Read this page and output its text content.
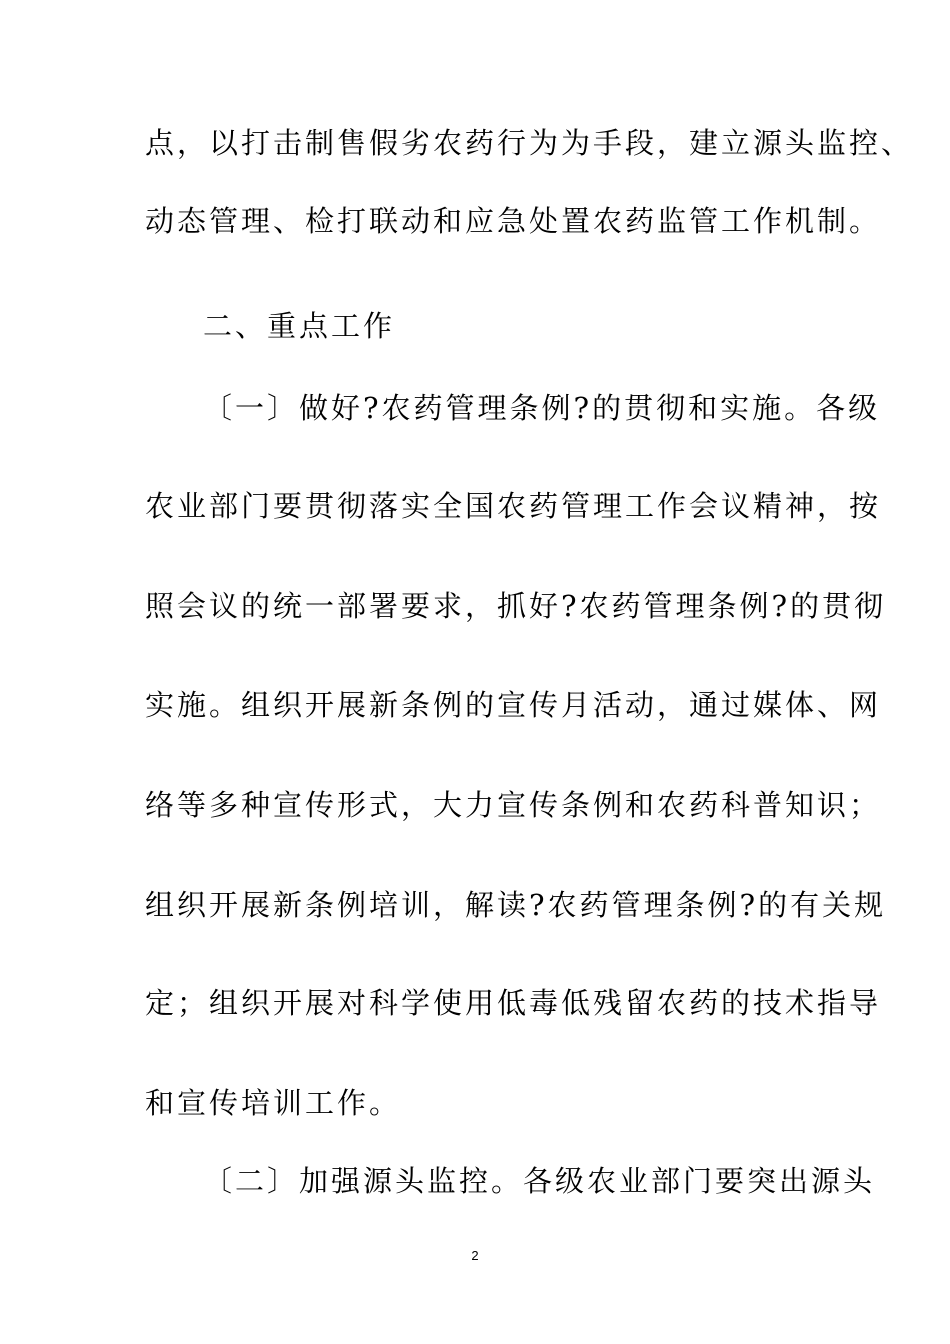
点，以打击制售假劣农药行为为手段，建立源头监控、
动态管理、检打联动和应急处置农药监管工作机制。
二、重点工作
〔一〕做好?农药管理条例?的贯彻和实施。各级
农业部门要贯彻落实全国农药管理工作会议精神，按
照会议的统一部署要求，抓好?农药管理条例?的贯彻
实施。组织开展新条例的宣传月活动，通过媒体、网
络等多种宣传形式，大力宣传条例和农药科普知识；
组织开展新条例培训，解读?农药管理条例?的有关规
定；组织开展对科学使用低毒低残留农药的技术指导
和宣传培训工作。
〔二〕加强源头监控。各级农业部门要突出源头
2
